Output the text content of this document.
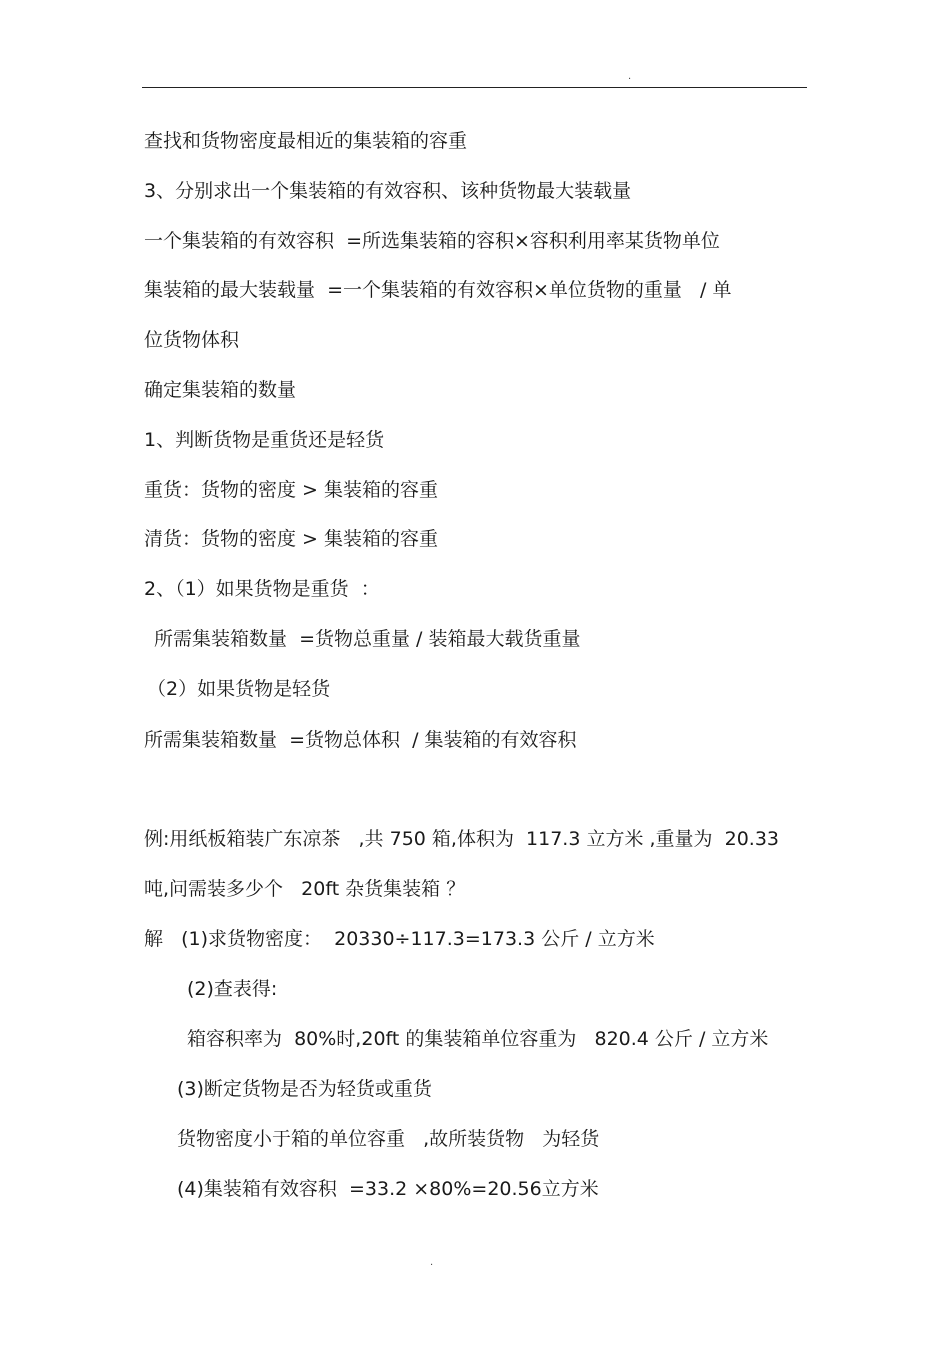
.
查找和货物密度最相近的集装箱的容重
3、分别求出一个集装箱的有效容积、该种货物最大装载量
一个集装箱的有效容积  =所选集装箱的容积×容积利用率某货物单位
集装箱的最大装载量  =一个集装箱的有效容积×单位货物的重量   / 单
位货物体积
确定集装箱的数量
1、判断货物是重货还是轻货
重货：货物的密度 > 集装箱的容重
清货：货物的密度 > 集装箱的容重
2、（1）如果货物是重货  ：
所需集装箱数量  =货物总重量 / 装箱最大载货重量
（2）如果货物是轻货
所需集装箱数量  =货物总体积  / 集装箱的有效容积
例:用纸板箱装广东凉茶   ,共 750 箱,体积为  117.3 立方米 ,重量为  20.33
吨,问需装多少个   20ft 杂货集装箱 ？
解   (1)求货物密度：  20330÷117.3=173.3 公斤 / 立方米
(2)查表得:
箱容积率为  80%时,20ft 的集装箱单位容重为   820.4 公斤 / 立方米
(3)断定货物是否为轻货或重货
货物密度小于箱的单位容重   ,故所装货物   为轻货
(4)集装箱有效容积  =33.2 ×80%=20.56立方米
.
